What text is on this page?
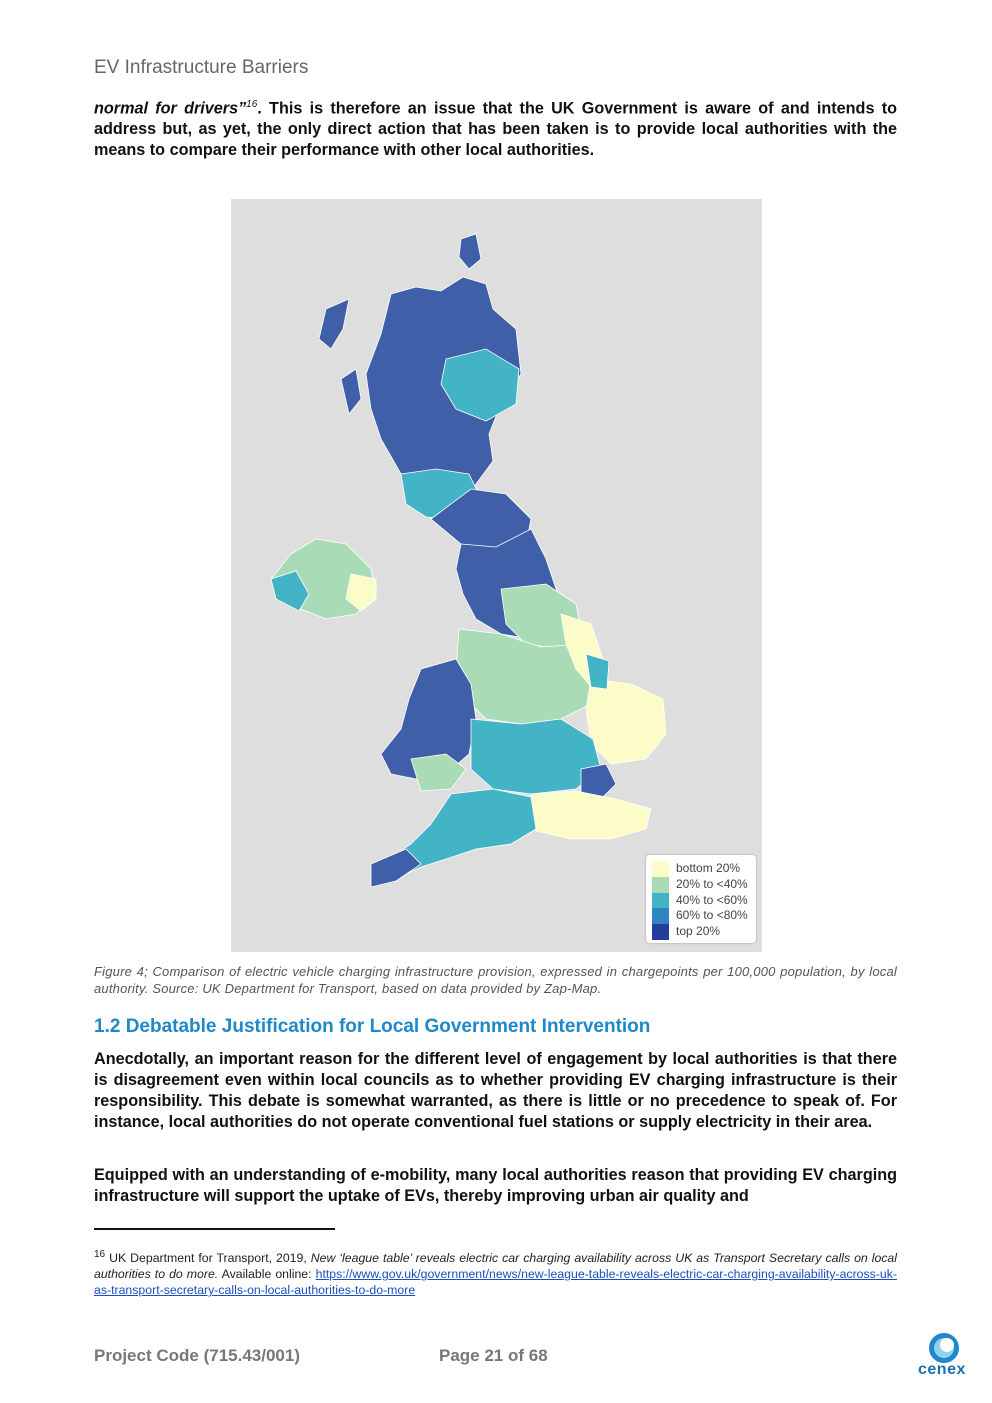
EV Infrastructure Barriers
normal for drivers”$^{16}$. This is therefore an issue that the UK Government is aware of and intends to address but, as yet, the only direct action that has been taken is to provide local authorities with the means to compare their performance with other local authorities.
bottom 20%
20% to <40%
40% to <60%
60% to <80%
top 20%
Figure 4; Comparison of electric vehicle charging infrastructure provision, expressed in chargepoints per 100,000 population, by local authority. Source: UK Department for Transport, based on data provided by Zap-Map.
1.2 Debatable Justification for Local Government Intervention
Anecdotally, an important reason for the different level of engagement by local authorities is that there is disagreement even within local councils as to whether providing EV charging infrastructure is their responsibility. This debate is somewhat warranted, as there is little or no precedence to speak of. For instance, local authorities do not operate conventional fuel stations or supply electricity in their area.
Equipped with an understanding of e-mobility, many local authorities reason that providing EV charging infrastructure will support the uptake of EVs, thereby improving urban air quality and
$^{16}$ UK Department for Transport, 2019, New ‘league table’ reveals electric car charging availability across UK as Transport Secretary calls on local authorities to do more. Available online: https://www.gov.uk/government/news/new-league-table-reveals-electric-car-charging-availability-across-uk-as-transport-secretary-calls-on-local-authorities-to-do-more
Project Code (715.43/001)	Page 21 of 68
cenex
